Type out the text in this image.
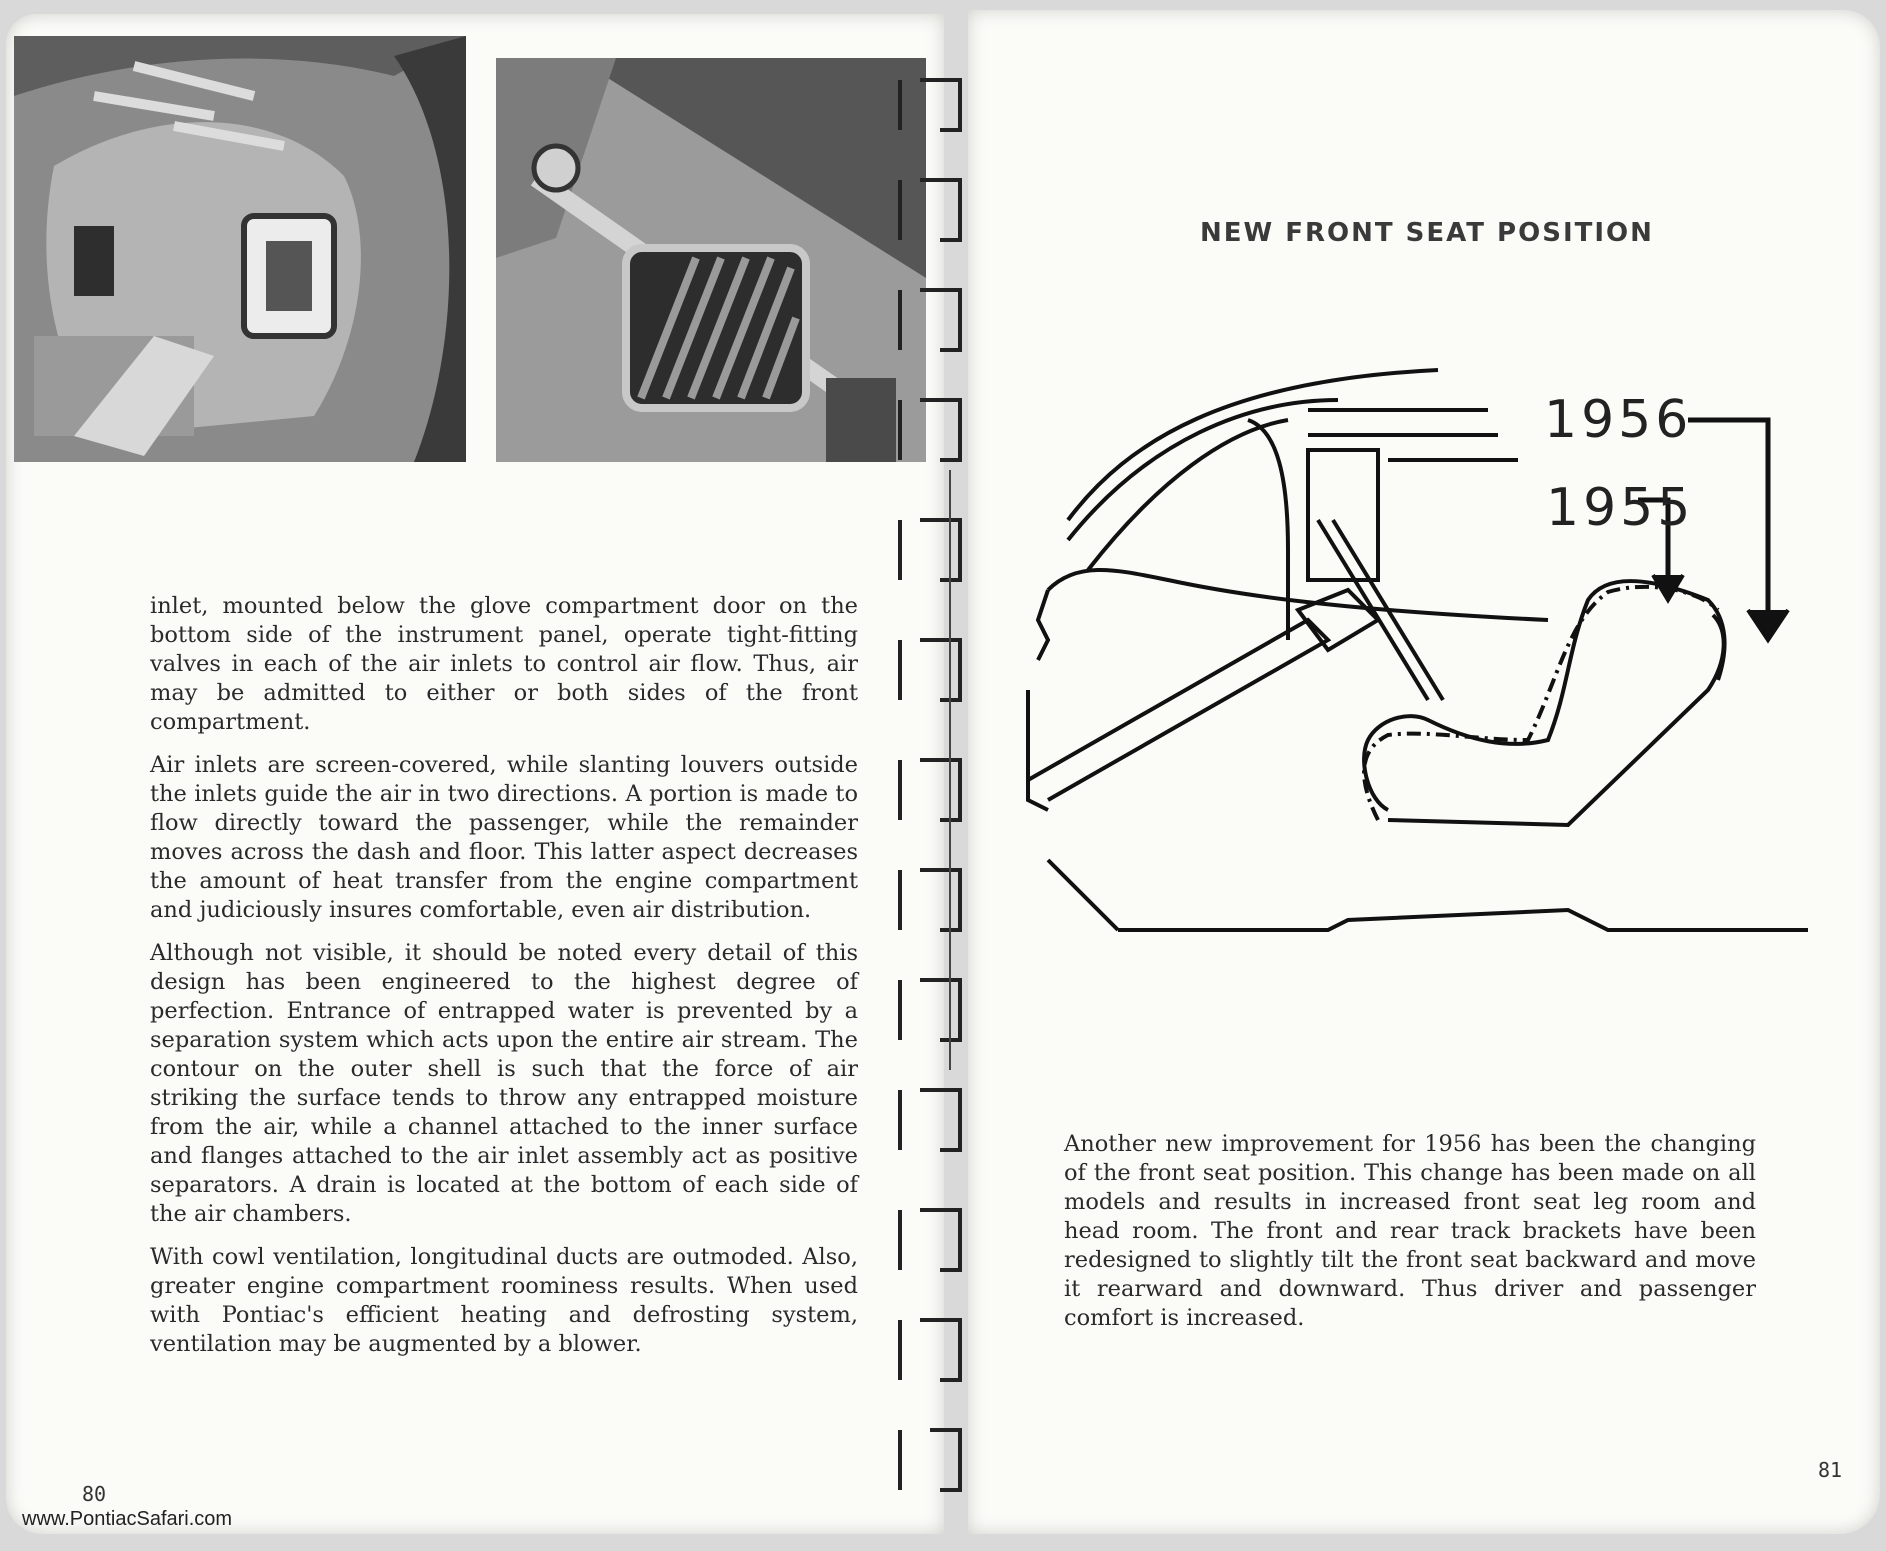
inlet, mounted below the glove compartment door on the bottom side of the instrument panel, operate tight-fitting valves in each of the air inlets to control air flow. Thus, air may be admitted to either or both sides of the front compartment.

Air inlets are screen-covered, while slanting louvers outside the inlets guide the air in two directions. A portion is made to flow directly toward the passenger, while the remainder moves across the dash and floor. This latter aspect decreases the amount of heat transfer from the engine compartment and judiciously insures comfortable, even air distribution.

Although not visible, it should be noted every detail of this design has been engineered to the highest degree of perfection. Entrance of entrapped water is prevented by a separation system which acts upon the entire air stream. The contour on the outer shell is such that the force of air striking the surface tends to throw any entrapped moisture from the air, while a channel attached to the inner surface and flanges attached to the air inlet assembly act as positive separators. A drain is located at the bottom of each side of the air chambers.

With cowl ventilation, longitudinal ducts are outmoded. Also, greater engine compartment roominess results. When used with Pontiac's efficient heating and defrosting system, ventilation may be augmented by a blower.

80
www.PontiacSafari.com
NEW FRONT SEAT POSITION
1956
1955

Another new improvement for 1956 has been the changing of the front seat position. This change has been made on all models and results in increased front seat leg room and head room. The front and rear track brackets have been redesigned to slightly tilt the front seat backward and move it rearward and downward. Thus driver and passenger comfort is increased.

81
